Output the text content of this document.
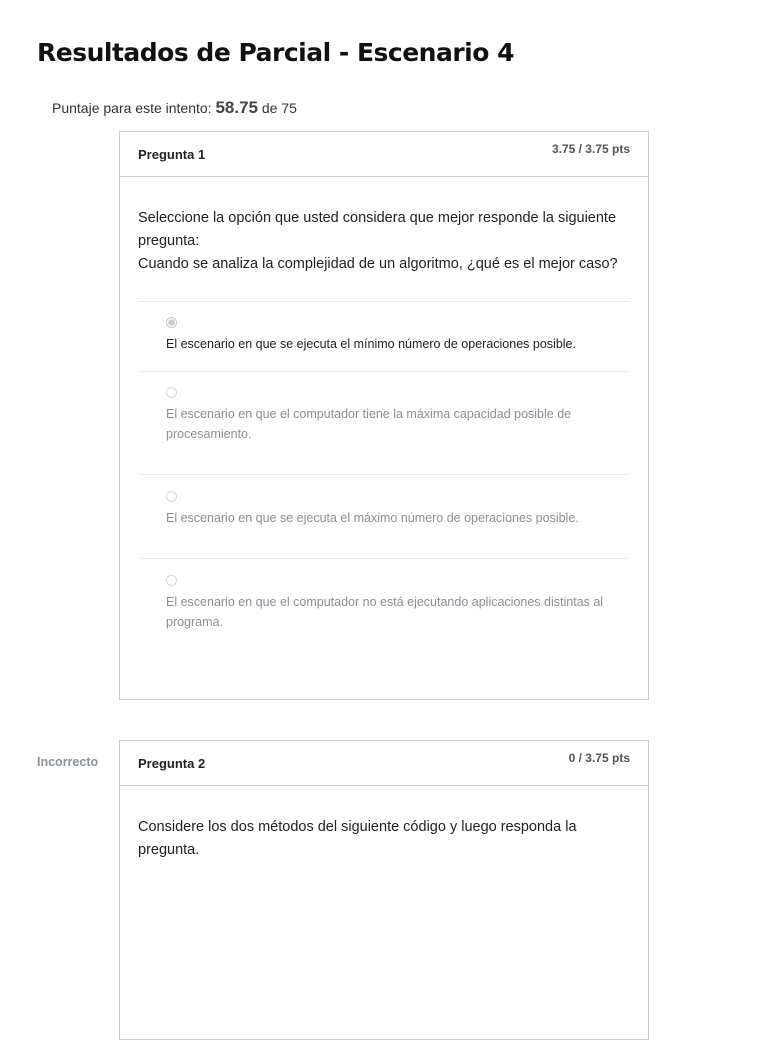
Resultados de Parcial - Escenario 4
Puntaje para este intento: 58.75 de 75
Pregunta 1	3.75 / 3.75 pts

Seleccione la opción que usted considera que mejor responde la siguiente pregunta:

Cuando se analiza la complejidad de un algoritmo, ¿qué es el mejor caso?

El escenario en que se ejecuta el mínimo número de operaciones posible.
El escenario en que el computador tiene la máxima capacidad posible de procesamiento.
El escenario en que se ejecuta el máximo número de operaciones posible.
El escenario en que el computador no está ejecutando aplicaciones distintas al programa.
Incorrecto	Pregunta 2	0 / 3.75 pts

Considere los dos métodos del siguiente código y luego responda la pregunta.
